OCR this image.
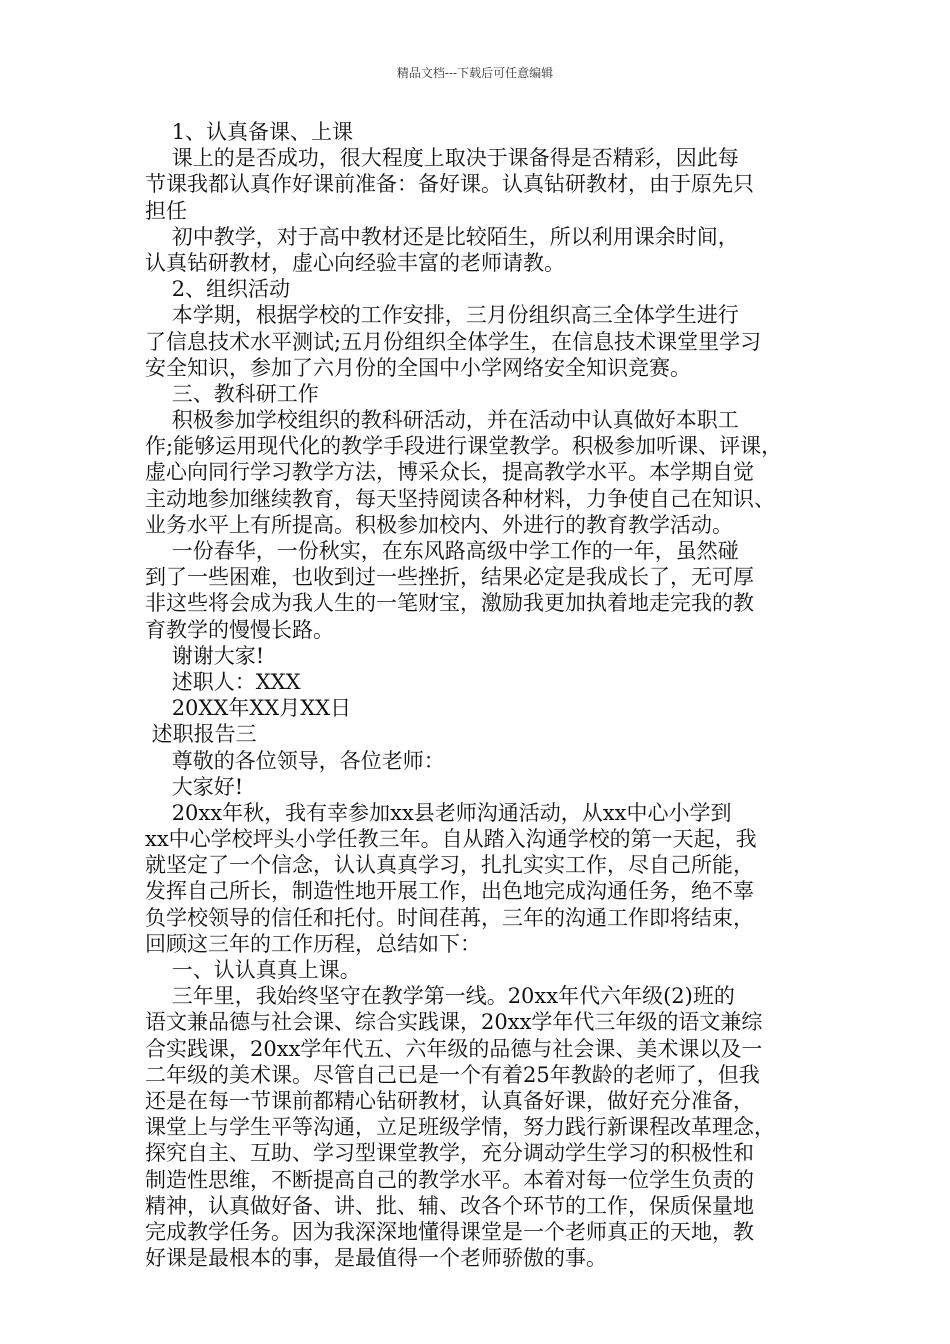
精品文档---下载后可任意编辑
1、认真备课、上课
课上的是否成功，很大程度上取决于课备得是否精彩，因此每
节课我都认真作好课前准备：备好课。认真钻研教材，由于原先只
担任
初中教学，对于高中教材还是比较陌生，所以利用课余时间，
认真钻研教材，虚心向经验丰富的老师请教。
2、组织活动
本学期，根据学校的工作安排，三月份组织高三全体学生进行
了信息技术水平测试;五月份组织全体学生，在信息技术课堂里学习
安全知识，参加了六月份的全国中小学网络安全知识竞赛。
三、教科研工作
积极参加学校组织的教科研活动，并在活动中认真做好本职工
作;能够运用现代化的教学手段进行课堂教学。积极参加听课、评课，
虚心向同行学习教学方法，博采众长，提高教学水平。本学期自觉
主动地参加继续教育，每天坚持阅读各种材料，力争使自己在知识、
业务水平上有所提高。积极参加校内、外进行的教育教学活动。
一份春华，一份秋实，在东风路高级中学工作的一年，虽然碰
到了一些困难，也收到过一些挫折，结果必定是我成长了，无可厚
非这些将会成为我人生的一笔财宝，激励我更加执着地走完我的教
育教学的慢慢长路。
谢谢大家!
述职人：XXX
20XX年XX月XX日
述职报告三
尊敬的各位领导，各位老师：
大家好!
20xx年秋，我有幸参加xx县老师沟通活动，从xx中心小学到
xx中心学校坪头小学任教三年。自从踏入沟通学校的第一天起，我
就坚定了一个信念，认认真真学习，扎扎实实工作，尽自己所能，
发挥自己所长，制造性地开展工作，出色地完成沟通任务，绝不辜
负学校领导的信任和托付。时间荏苒，三年的沟通工作即将结束，
回顾这三年的工作历程，总结如下：
一、认认真真上课。
三年里，我始终坚守在教学第一线。20xx年代六年级(2)班的
语文兼品德与社会课、综合实践课，20xx学年代三年级的语文兼综
合实践课，20xx学年代五、六年级的品德与社会课、美术课以及一
二年级的美术课。尽管自己已是一个有着25年教龄的老师了，但我
还是在每一节课前都精心钻研教材，认真备好课，做好充分准备，
课堂上与学生平等沟通，立足班级学情，努力践行新课程改革理念，
探究自主、互助、学习型课堂教学，充分调动学生学习的积极性和
制造性思维，不断提高自己的教学水平。本着对每一位学生负责的
精神，认真做好备、讲、批、辅、改各个环节的工作，保质保量地
完成教学任务。因为我深深地懂得课堂是一个老师真正的天地，教
好课是最根本的事，是最值得一个老师骄傲的事。
